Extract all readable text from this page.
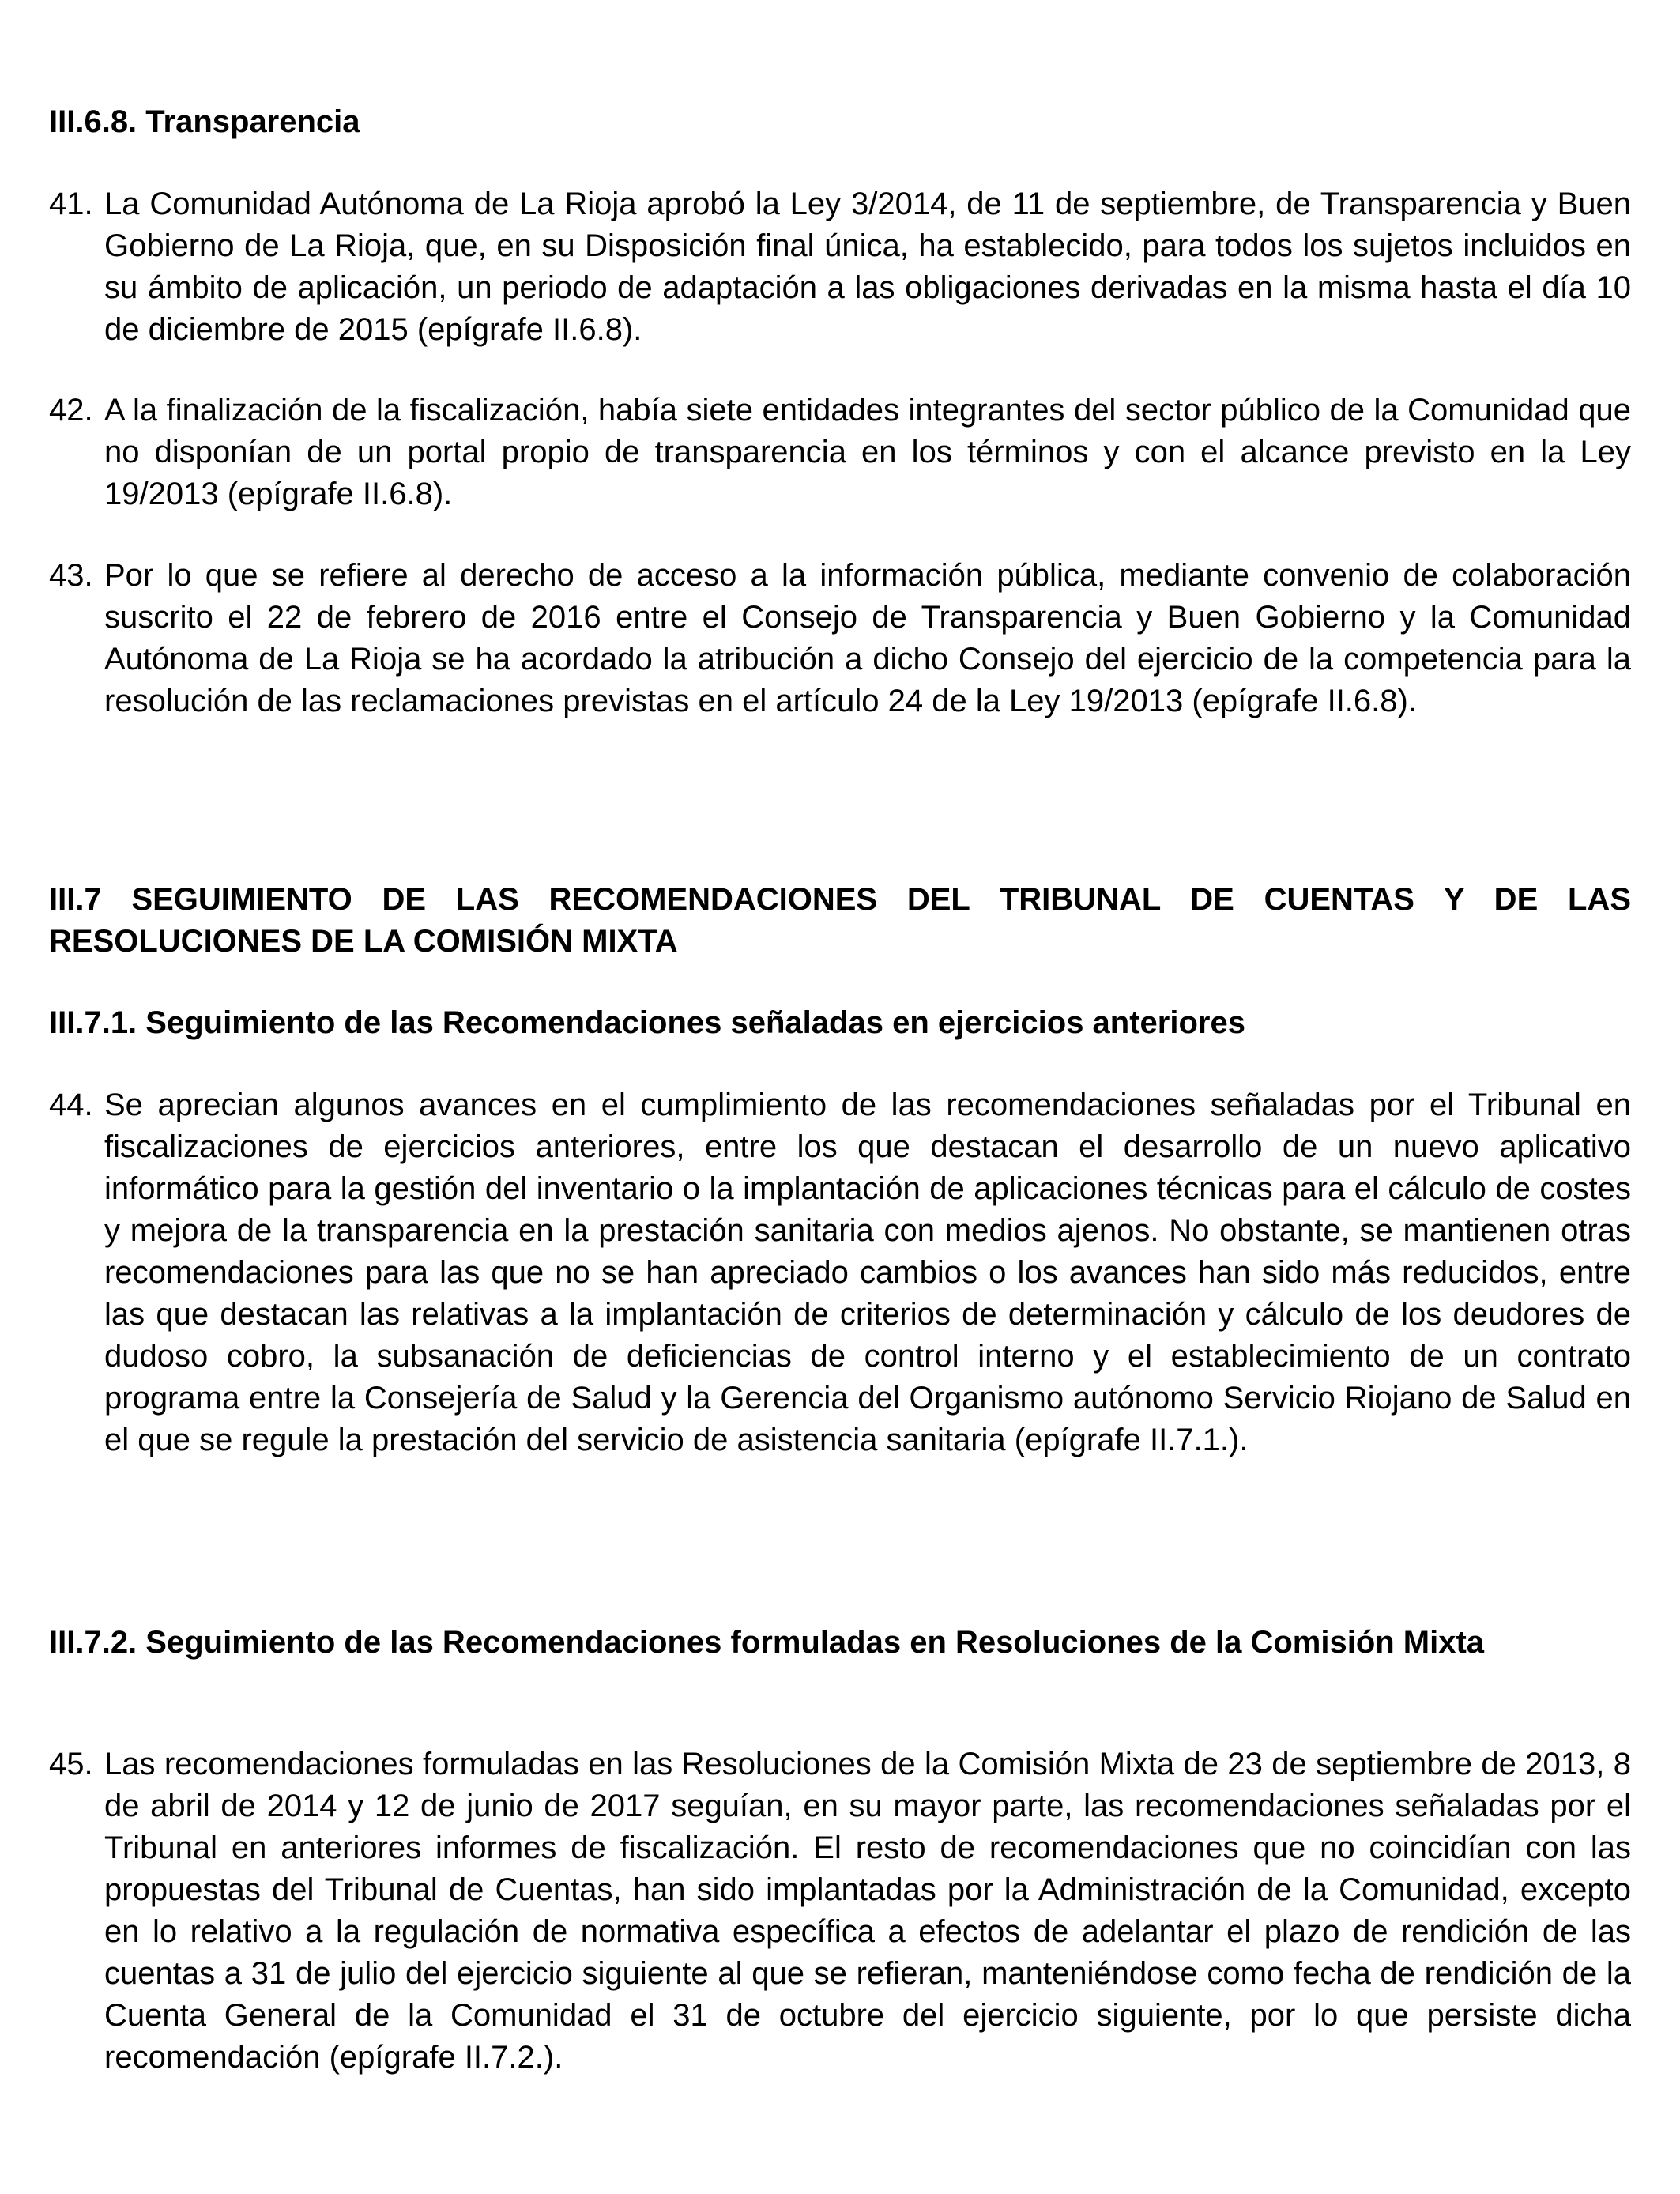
III.6.8. Transparencia
41. La Comunidad Autónoma de La Rioja aprobó la Ley 3/2014, de 11 de septiembre, de Transparencia y Buen Gobierno de La Rioja, que, en su Disposición final única, ha establecido, para todos los sujetos incluidos en su ámbito de aplicación, un periodo de adaptación a las obligaciones derivadas en la misma hasta el día 10 de diciembre de 2015 (epígrafe II.6.8).
42. A la finalización de la fiscalización, había siete entidades integrantes del sector público de la Comunidad que no disponían de un portal propio de transparencia en los términos y con el alcance previsto en la Ley 19/2013 (epígrafe II.6.8).
43. Por lo que se refiere al derecho de acceso a la información pública, mediante convenio de colaboración suscrito el 22 de febrero de 2016 entre el Consejo de Transparencia y Buen Gobierno y la Comunidad Autónoma de La Rioja se ha acordado la atribución a dicho Consejo del ejercicio de la competencia para la resolución de las reclamaciones previstas en el artículo 24 de la Ley 19/2013 (epígrafe II.6.8).
III.7 SEGUIMIENTO DE LAS RECOMENDACIONES DEL TRIBUNAL DE CUENTAS Y DE LAS RESOLUCIONES DE LA COMISIÓN MIXTA
III.7.1. Seguimiento de las Recomendaciones señaladas en ejercicios anteriores
44. Se aprecian algunos avances en el cumplimiento de las recomendaciones señaladas por el Tribunal en fiscalizaciones de ejercicios anteriores, entre los que destacan el desarrollo de un nuevo aplicativo informático para la gestión del inventario o la implantación de aplicaciones técnicas para el cálculo de costes y mejora de la transparencia en la prestación sanitaria con medios ajenos. No obstante, se mantienen otras recomendaciones para las que no se han apreciado cambios o los avances han sido más reducidos, entre las que destacan las relativas a la implantación de criterios de determinación y cálculo de los deudores de dudoso cobro, la subsanación de deficiencias de control interno y el establecimiento de un contrato programa entre la Consejería de Salud y la Gerencia del Organismo autónomo Servicio Riojano de Salud en el que se regule la prestación del servicio de asistencia sanitaria (epígrafe II.7.1.).
III.7.2. Seguimiento de las Recomendaciones formuladas en Resoluciones de la Comisión Mixta
45. Las recomendaciones formuladas en las Resoluciones de la Comisión Mixta de 23 de septiembre de 2013, 8 de abril de 2014 y 12 de junio de 2017 seguían, en su mayor parte, las recomendaciones señaladas por el Tribunal en anteriores informes de fiscalización. El resto de recomendaciones que no coincidían con las propuestas del Tribunal de Cuentas, han sido implantadas por la Administración de la Comunidad, excepto en lo relativo a la regulación de normativa específica a efectos de adelantar el plazo de rendición de las cuentas a 31 de julio del ejercicio siguiente al que se refieran, manteniéndose como fecha de rendición de la Cuenta General de la Comunidad el 31 de octubre del ejercicio siguiente, por lo que persiste dicha recomendación (epígrafe II.7.2.).
